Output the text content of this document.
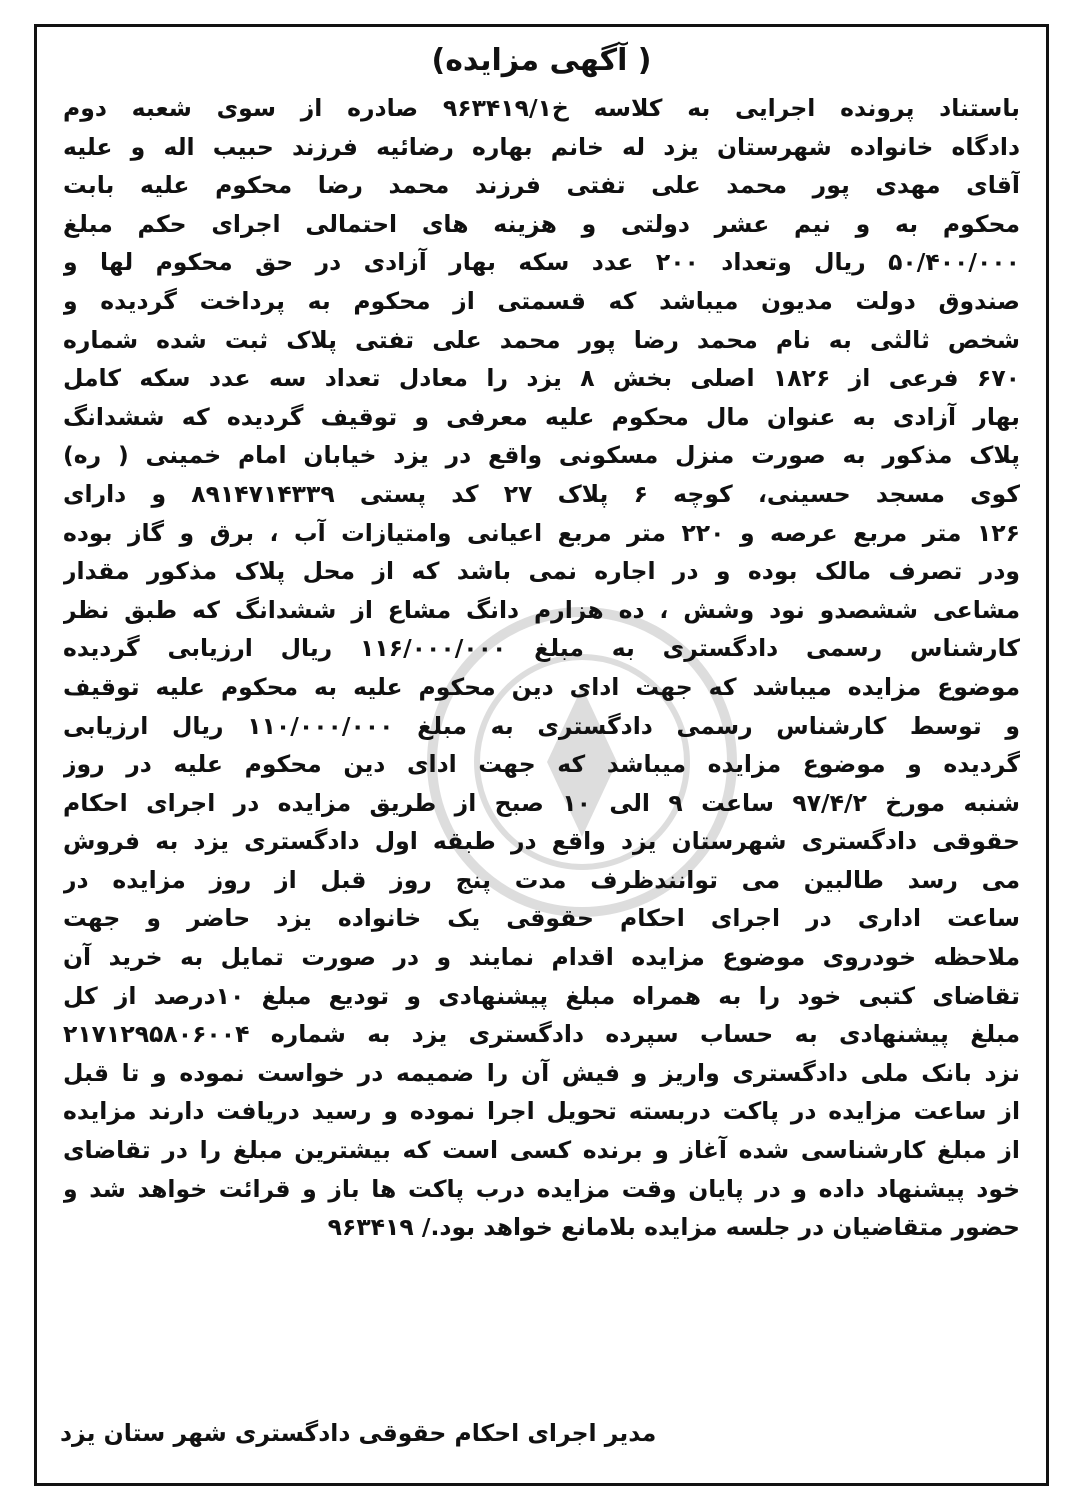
( آگهی مزایده)
باستناد پرونده اجرایی به کلاسه خ۹۶۳۴۱۹/۱ صادره از سوی شعبه دوم
دادگاه خانواده شهرستان یزد له خانم بهاره رضائیه فرزند حبیب اله و علیه
آقای مهدی پور محمد علی تفتی فرزند محمد رضا محکوم علیه بابت
محکوم به و نیم عشر دولتی و هزینه های احتمالی اجرای حکم مبلغ
۵۰/۴۰۰/۰۰۰ ریال وتعداد ۲۰۰ عدد سکه بهار آزادی در حق محکوم لها و
صندوق دولت مدیون میباشد که قسمتی از محکوم به پرداخت گردیده و
شخص ثالثی به نام محمد رضا پور محمد علی تفتی پلاک ثبت شده شماره
۶۷۰ فرعی از ۱۸۲۶ اصلی بخش ۸ یزد را معادل تعداد سه عدد سکه کامل
بهار آزادی به عنوان مال محکوم علیه معرفی و توقیف گردیده که ششدانگ
پلاک مذکور به صورت منزل مسکونی واقع در یزد خیابان امام خمینی ( ره)
کوی مسجد حسینی، کوچه ۶ پلاک ۲۷ کد پستی ۸۹۱۴۷۱۴۳۳۹ و دارای
۱۲۶ متر مربع عرصه و ۲۲۰ متر مربع اعیانی وامتیازات آب ، برق و گاز بوده
ودر تصرف مالک بوده و در اجاره نمی باشد که از محل پلاک مذکور مقدار
مشاعی ششصدو نود وشش ، ده هزارم دانگ مشاع از ششدانگ که طبق نظر
کارشناس رسمی دادگستری به مبلغ ۱۱۶/۰۰۰/۰۰۰ ریال ارزیابی گردیده
موضوع مزایده میباشد که جهت ادای دین محکوم علیه به محکوم علیه توقیف
و توسط کارشناس رسمی دادگستری به مبلغ ۱۱۰/۰۰۰/۰۰۰ ریال ارزیابی
گردیده و موضوع مزایده میباشد که جهت ادای دین محکوم علیه در روز
شنبه مورخ ۹۷/۴/۲ ساعت ۹ الی ۱۰ صبح از طریق مزایده در اجرای احکام
حقوقی دادگستری شهرستان یزد واقع در طبقه اول دادگستری یزد به فروش
می رسد طالبین می توانندظرف مدت پنج روز قبل از روز مزایده در
ساعت اداری در اجرای احکام حقوقی یک خانواده یزد حاضر و جهت
ملاحظه خودروی موضوع مزایده اقدام نمایند و در صورت تمایل به خرید آن
تقاضای کتبی خود را به همراه مبلغ پیشنهادی و تودیع مبلغ ۱۰درصد از کل
مبلغ پیشنهادی به حساب سپرده دادگستری یزد به شماره ۲۱۷۱۲۹۵۸۰۶۰۰۴
نزد بانک ملی دادگستری واریز و فیش آن را ضمیمه در خواست نموده و تا قبل
از ساعت مزایده در پاکت دربسته تحویل اجرا نموده و رسید دریافت دارند مزایده
از مبلغ کارشناسی شده آغاز و برنده کسی است که بیشترین مبلغ را در تقاضای
خود پیشنهاد داده و در پایان وقت مزایده درب پاکت ها باز و قرائت خواهد شد و
حضور متقاضیان در جلسه مزایده بلامانع خواهد بود./ ۹۶۳۴۱۹
مدیر اجرای احکام حقوقی دادگستری شهر ستان یزد
